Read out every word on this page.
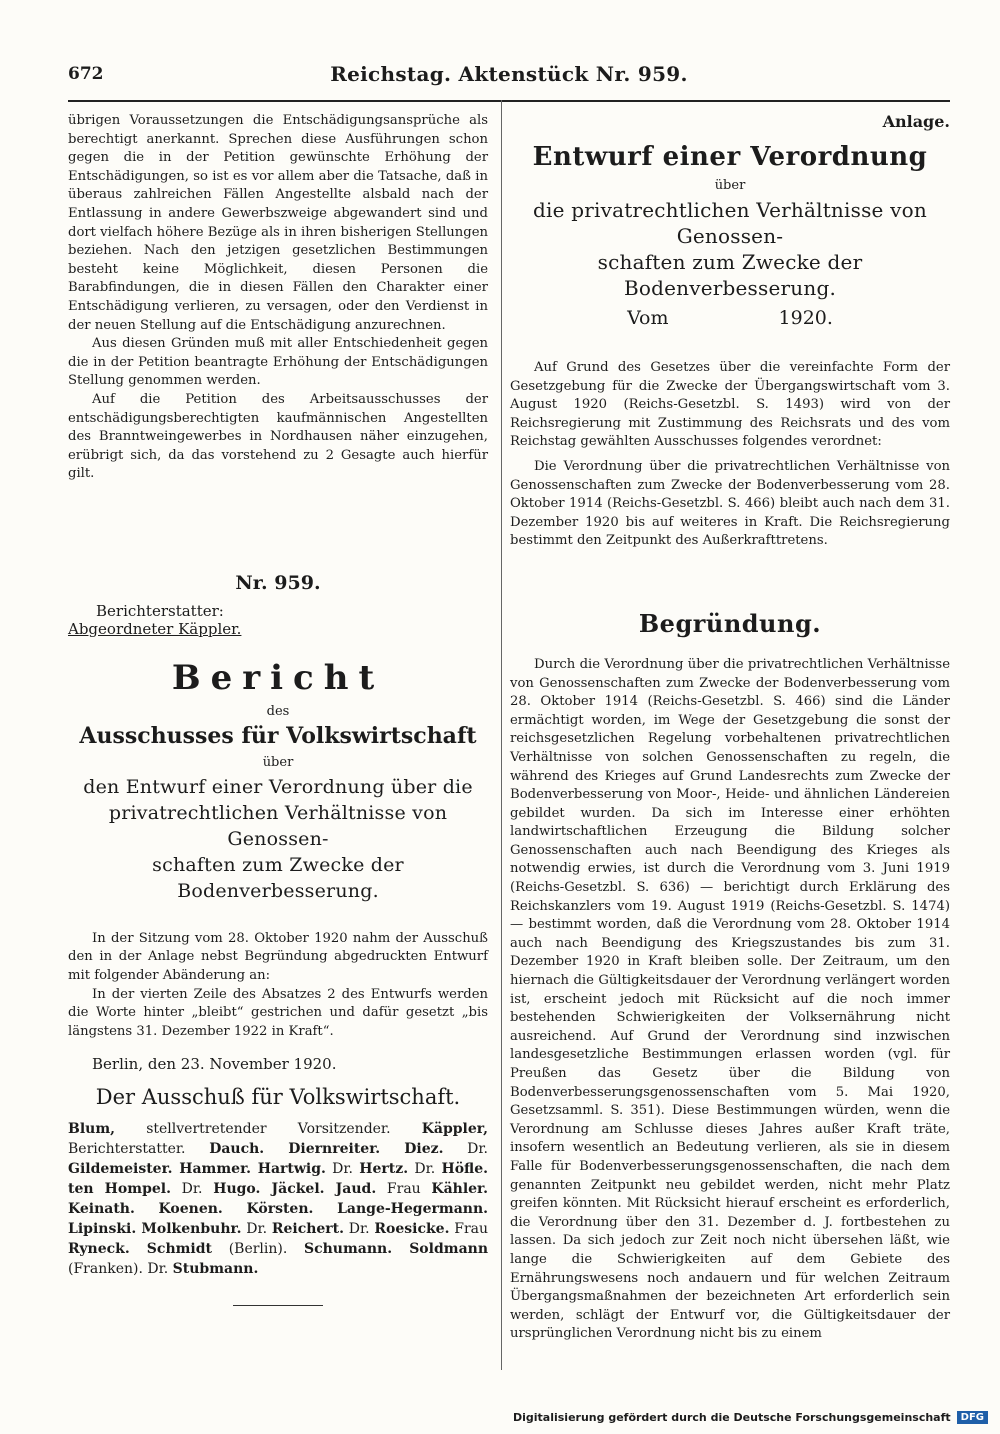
672	Reichstag. Aktenstück Nr. 959.

übrigen Voraussetzungen die Entschädigungsansprüche als berechtigt anerkannt. Sprechen diese Ausführungen schon gegen die in der Petition gewünschte Erhöhung der Entschädigungen, so ist es vor allem aber die Tatsache, daß in überaus zahlreichen Fällen Angestellte alsbald nach der Entlassung in andere Gewerbszweige abgewandert sind und dort vielfach höhere Bezüge als in ihren bisherigen Stellungen beziehen. Nach den jetzigen gesetzlichen Bestimmungen besteht keine Möglichkeit, diesen Personen die Barabfindungen, die in diesen Fällen den Charakter einer Entschädigung verlieren, zu versagen, oder den Verdienst in der neuen Stellung auf die Entschädigung anzurechnen.

Aus diesen Gründen muß mit aller Entschiedenheit gegen die in der Petition beantragte Erhöhung der Entschädigungen Stellung genommen werden.

Auf die Petition des Arbeitsausschusses der entschädigungsberechtigten kaufmännischen Angestellten des Branntweingewerbes in Nordhausen näher einzugehen, erübrigt sich, da das vorstehend zu 2 Gesagte auch hierfür gilt.

Nr. 959.
Berichterstatter:
Abgeordneter Käppler.
Bericht
des
Ausschusses für Volkswirtschaft
über
den Entwurf einer Verordnung über die
privatrechtlichen Verhältnisse von Genossen-
schaften zum Zwecke der Bodenverbesserung.

In der Sitzung vom 28. Oktober 1920 nahm der Ausschuß den in der Anlage nebst Begründung abgedruckten Entwurf mit folgender Abänderung an:

In der vierten Zeile des Absatzes 2 des Entwurfs werden die Worte hinter „bleibt“ gestrichen und dafür gesetzt „bis längstens 31. Dezember 1922 in Kraft“.

Berlin, den 23. November 1920.
Der Ausschuß für Volkswirtschaft.
Blum, stellvertretender Vorsitzender. Käppler, Berichterstatter. Dauch. Diernreiter. Diez. Dr. Gildemeister. Hammer. Hartwig. Dr. Hertz. Dr. Höfle. ten Hompel. Dr. Hugo. Jäckel. Jaud. Frau Kähler. Keinath. Koenen. Körsten. Lange-Hegermann. Lipinski. Molkenbuhr. Dr. Reichert. Dr. Roesicke. Frau Ryneck. Schmidt (Berlin). Schumann. Soldmann (Franken). Dr. Stubmann.
Anlage.
Entwurf einer Verordnung
über
die privatrechtlichen Verhältnisse von Genossen-
schaften zum Zwecke der Bodenverbesserung.
Vom	1920.

Auf Grund des Gesetzes über die vereinfachte Form der Gesetzgebung für die Zwecke der Übergangswirtschaft vom 3. August 1920 (Reichs-Gesetzbl. S. 1493) wird von der Reichsregierung mit Zustimmung des Reichsrats und des vom Reichstag gewählten Ausschusses folgendes verordnet:

Die Verordnung über die privatrechtlichen Verhältnisse von Genossenschaften zum Zwecke der Bodenverbesserung vom 28. Oktober 1914 (Reichs-Gesetzbl. S. 466) bleibt auch nach dem 31. Dezember 1920 bis auf weiteres in Kraft. Die Reichsregierung bestimmt den Zeitpunkt des Außerkrafttretens.

Begründung.

Durch die Verordnung über die privatrechtlichen Verhältnisse von Genossenschaften zum Zwecke der Bodenverbesserung vom 28. Oktober 1914 (Reichs-Gesetzbl. S. 466) sind die Länder ermächtigt worden, im Wege der Gesetzgebung die sonst der reichsgesetzlichen Regelung vorbehaltenen privatrechtlichen Verhältnisse von solchen Genossenschaften zu regeln, die während des Krieges auf Grund Landesrechts zum Zwecke der Bodenverbesserung von Moor-, Heide- und ähnlichen Ländereien gebildet wurden. Da sich im Interesse einer erhöhten landwirtschaftlichen Erzeugung die Bildung solcher Genossenschaften auch nach Beendigung des Krieges als notwendig erwies, ist durch die Verordnung vom 3. Juni 1919 (Reichs-Gesetzbl. S. 636) — berichtigt durch Erklärung des Reichskanzlers vom 19. August 1919 (Reichs-Gesetzbl. S. 1474) — bestimmt worden, daß die Verordnung vom 28. Oktober 1914 auch nach Beendigung des Kriegszustandes bis zum 31. Dezember 1920 in Kraft bleiben solle. Der Zeitraum, um den hiernach die Gültigkeitsdauer der Verordnung verlängert worden ist, erscheint jedoch mit Rücksicht auf die noch immer bestehenden Schwierigkeiten der Volksernährung nicht ausreichend. Auf Grund der Verordnung sind inzwischen landesgesetzliche Bestimmungen erlassen worden (vgl. für Preußen das Gesetz über die Bildung von Bodenverbesserungsgenossenschaften vom 5. Mai 1920, Gesetzsamml. S. 351). Diese Bestimmungen würden, wenn die Verordnung am Schlusse dieses Jahres außer Kraft träte, insofern wesentlich an Bedeutung verlieren, als sie in diesem Falle für Bodenverbesserungsgenossenschaften, die nach dem genannten Zeitpunkt neu gebildet werden, nicht mehr Platz greifen könnten. Mit Rücksicht hierauf erscheint es erforderlich, die Verordnung über den 31. Dezember d. J. fortbestehen zu lassen. Da sich jedoch zur Zeit noch nicht übersehen läßt, wie lange die Schwierigkeiten auf dem Gebiete des Ernährungswesens noch andauern und für welchen Zeitraum Übergangsmaßnahmen der bezeichneten Art erforderlich sein werden, schlägt der Entwurf vor, die Gültigkeitsdauer der ursprünglichen Verordnung nicht bis zu einem

Digitalisierung gefördert durch die Deutsche Forschungsgemeinschaft	DFG
